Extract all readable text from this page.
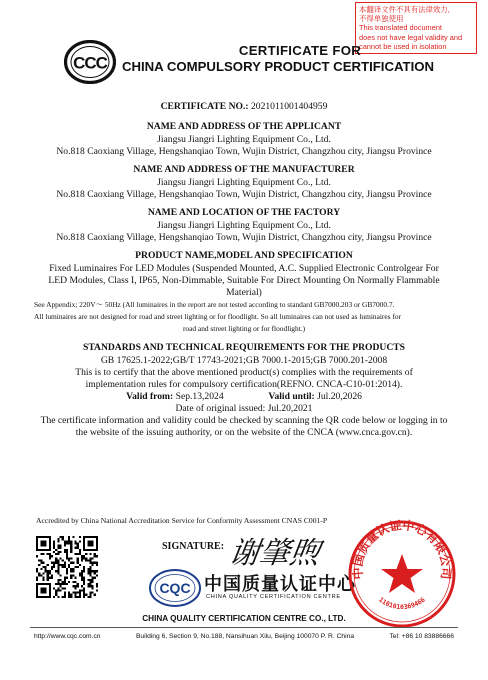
本翻译文件不具有法律效力,
不得单独使用
This translated document
does not have legal validity and
cannot be used in isolation
CCC
CERTIFICATE FOR
CHINA COMPULSORY PRODUCT CERTIFICATION
CERTIFICATE NO.: 2021011001404959
NAME AND ADDRESS OF THE APPLICANT
Jiangsu Jiangri Lighting Equipment Co., Ltd.
No.818 Caoxiang Village, Hengshanqiao Town, Wujin District, Changzhou city, Jiangsu Province
NAME AND ADDRESS OF THE MANUFACTURER
Jiangsu Jiangri Lighting Equipment Co., Ltd.
No.818 Caoxiang Village, Hengshanqiao Town, Wujin District, Changzhou city, Jiangsu Province
NAME AND LOCATION OF THE FACTORY
Jiangsu Jiangri Lighting Equipment Co., Ltd.
No.818 Caoxiang Village, Hengshanqiao Town, Wujin District, Changzhou city, Jiangsu Province
PRODUCT NAME,MODEL AND SPECIFICATION
Fixed Luminaires For LED Modules (Suspended Mounted, A.C. Supplied Electronic Controlgear For
LED Modules, Class I, IP65, Non-Dimmable, Suitable For Direct Mounting On Normally Flammable
Material)
See Appendix; 220V～ 50Hz (All luminaires in the report are not tested according to standard GB7000.203 or GB7000.7.
All luminaires are not designed for road and street lighting or for floodlight. So all luminaires can not used as luminaires for
road and street lighting or for floodlight.)
STANDARDS AND TECHNICAL REQUIREMENTS FOR THE PRODUCTS
GB 17625.1-2022;GB/T 17743-2021;GB 7000.1-2015;GB 7000.201-2008
This is to certify that the above mentioned product(s) complies with the requirements of
implementation rules for compulsory certification(REFNO. CNCA-C10-01:2014).
Valid from: Sep.13,2024	Valid until: Jul.20,2026
Date of original issued: Jul.20,2021
The certificate information and validity could be checked by scanning the QR code below or logging in to
the website of the issuing authority, or on the website of the CNCA (www.cnca.gov.cn).
Accredited by China National Accreditation Service for Conformity Assessment CNAS C001-P
SIGNATURE: 谢肇煦
CQC 中国质量认证中心
CHINA QUALITY CERTIFICATION CENTRE
中国质量认证中心有限公司
1101010369466
CHINA QUALITY CERTIFICATION CENTRE CO., LTD.
http://www.cqc.com.cn	Building 6, Section 9, No.188, Nansihuan Xilu, Beijing 100070 P. R. China	Tel: +86 10 83886666
